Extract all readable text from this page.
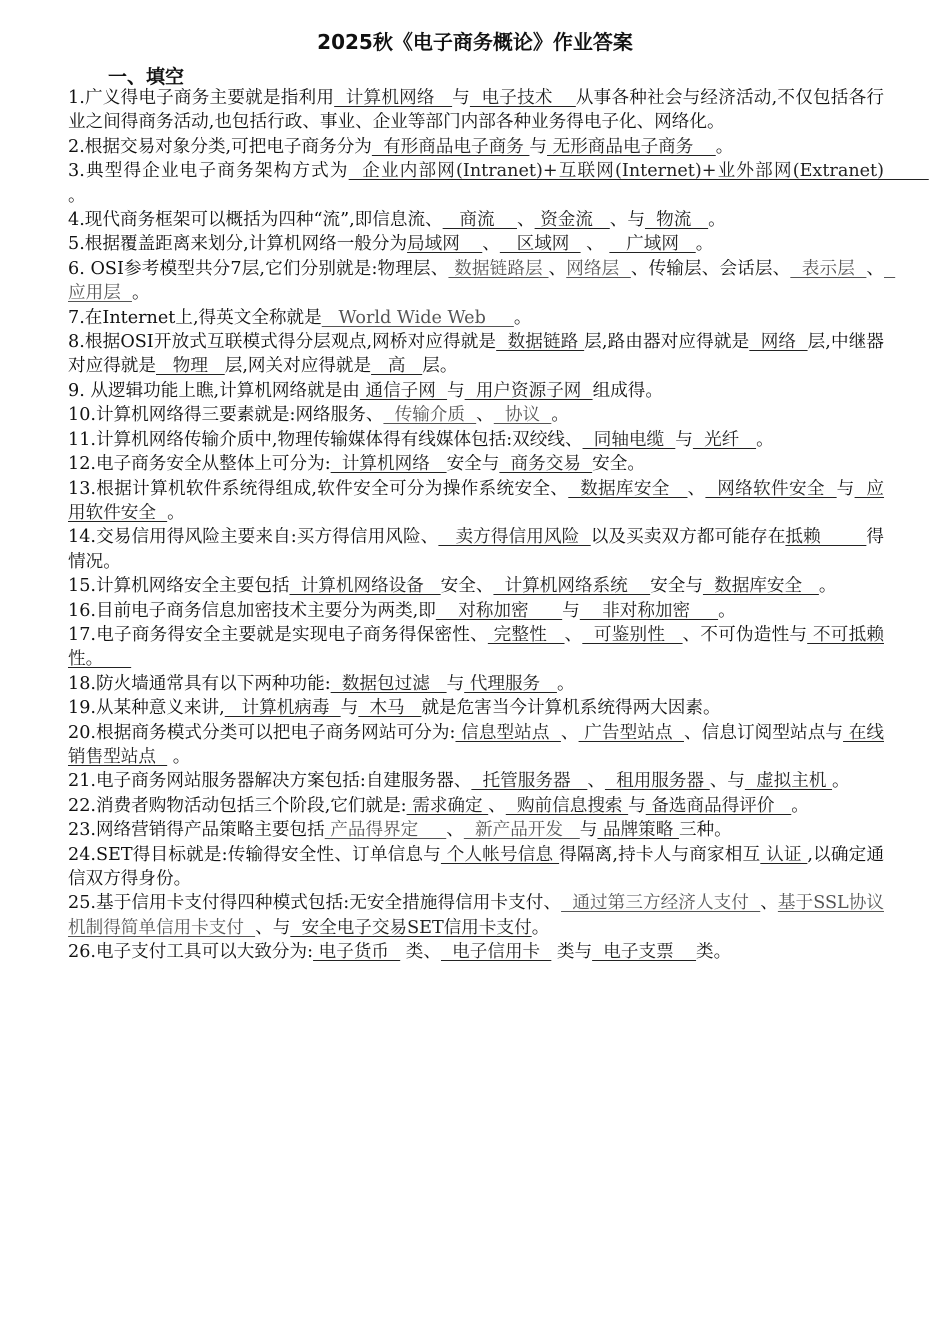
2025秋《电子商务概论》作业答案
一、填空

1.广义得电子商务主要就是指利用  计算机网络   与  电子技术    从事各种社会与经济活动,不仅包括各行业之间得商务活动,也包括行政、事业、企业等部门内部各种业务得电子化、网络化。

2.根据交易对象分类,可把电子商务分为  有形商品电子商务 与 无形商品电子商务    。

3.典型得企业电子商务架构方式为  企业内部网(Intranet)+互联网(Internet)+业外部网(Extranet)        。

4.现代商务框架可以概括为四种“流”,即信息流、   商流    、 资金流   、与  物流   。

5.根据覆盖距离来划分,计算机网络一般分为局域网    、   区域网   、    广域网   。

6. OSI参考模型共分7层,它们分别就是:物理层、 数据链路层 、网络层  、传输层、会话层、  表示层  、  应用层  。

7.在Internet上,得英文全称就是   World Wide Web     。

8.根据OSI开放式互联模式得分层观点,网桥对应得就是  数据链路 层,路由器对应得就是  网络  层,中继器对应得就是   物理   层,网关对应得就是   高   层。

9. 从逻辑功能上瞧,计算机网络就是由 通信子网  与  用户资源子网  组成得。

10.计算机网络得三要素就是:网络服务、  传输介质  、  协议  。

11.计算机网络传输介质中,物理传输媒体得有线媒体包括:双绞线、  同轴电缆  与  光纤   。

12.电子商务安全从整体上可分为:  计算机网络   安全与  商务交易  安全。

13.根据计算机软件系统得组成,软件安全可分为操作系统安全、  数据库安全   、  网络软件安全  与  应用软件安全  。

14.交易信用得风险主要来自:买方得信用风险、   卖方得信用风险  以及买卖双方都可能存在抵赖        得情况。

15.计算机网络安全主要包括  计算机网络设备   安全、  计算机网络系统    安全与  数据库安全   。

16.目前电子商务信息加密技术主要分为两类,即    对称加密      与    非对称加密     。

17.电子商务得安全主要就是实现电子商务得保密性、 完整性   、  可鉴别性   、不可伪造性与 不可抵赖性。

18.防火墙通常具有以下两种功能:  数据包过滤   与 代理服务   。

19.从某种意义来讲,   计算机病毒  与  木马   就是危害当今计算机系统得两大因素。

20.根据商务模式分类可以把电子商务网站可分为: 信息型站点  、 广告型站点  、信息订阅型站点与 在线销售型站点   。

21.电子商务网站服务器解决方案包括:自建服务器、  托管服务器   、  租用服务器 、与  虚拟主机 。

22.消费者购物活动包括三个阶段,它们就是: 需求确定 、  购前信息搜索 与 备选商品得评价   。

23.网络营销得产品策略主要包括 产品得界定     、  新产品开发   与 品牌策略 三种。

24.SET得目标就是:传输得安全性、订单信息与 个人帐号信息 得隔离,持卡人与商家相互 认证 ,以确定通信双方得身份。

25.基于信用卡支付得四种模式包括:无安全措施得信用卡支付、  通过第三方经济人支付  、基于SSL协议机制得简单信用卡支付  、与  安全电子交易SET信用卡支付。

26.电子支付工具可以大致分为: 电子货币   类、  电子信用卡   类与  电子支票    类。
